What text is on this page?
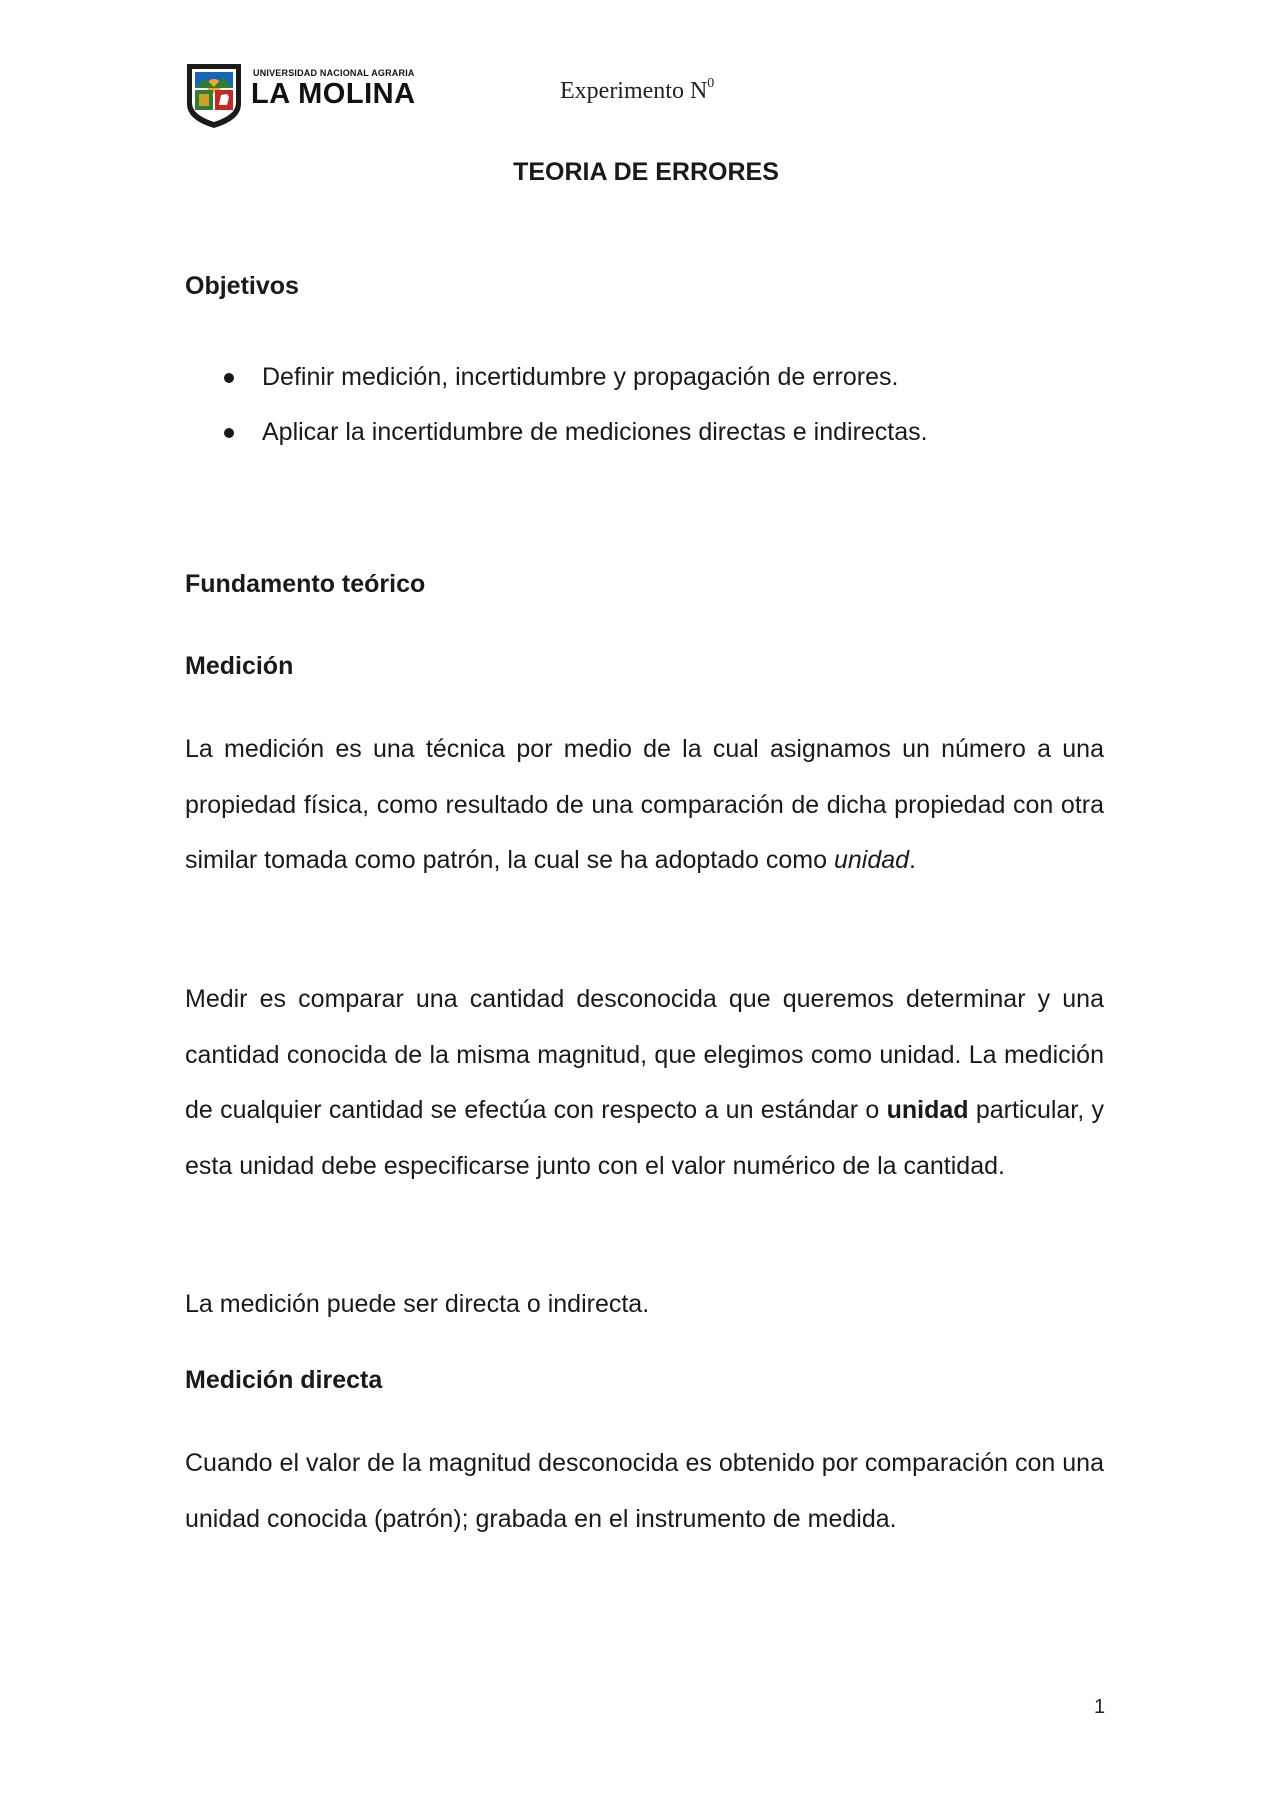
UNIVERSIDAD NACIONAL AGRARIA
LA MOLINA	Experimento $N^0$
TEORIA DE ERRORES
Objetivos
Definir medición, incertidumbre y propagación de errores.
Aplicar la incertidumbre de mediciones directas e indirectas.
Fundamento teórico
Medición
La medición es una técnica por medio de la cual asignamos un número a una propiedad física, como resultado de una comparación de dicha propiedad con otra similar tomada como patrón, la cual se ha adoptado como unidad.
Medir es comparar una cantidad desconocida que queremos determinar y una cantidad conocida de la misma magnitud, que elegimos como unidad. La medición de cualquier cantidad se efectúa con respecto a un estándar o unidad particular, y esta unidad debe especificarse junto con el valor numérico de la cantidad.
La medición puede ser directa o indirecta.
Medición directa
Cuando el valor de la magnitud desconocida es obtenido por comparación con una unidad conocida (patrón); grabada en el instrumento de medida.
1
